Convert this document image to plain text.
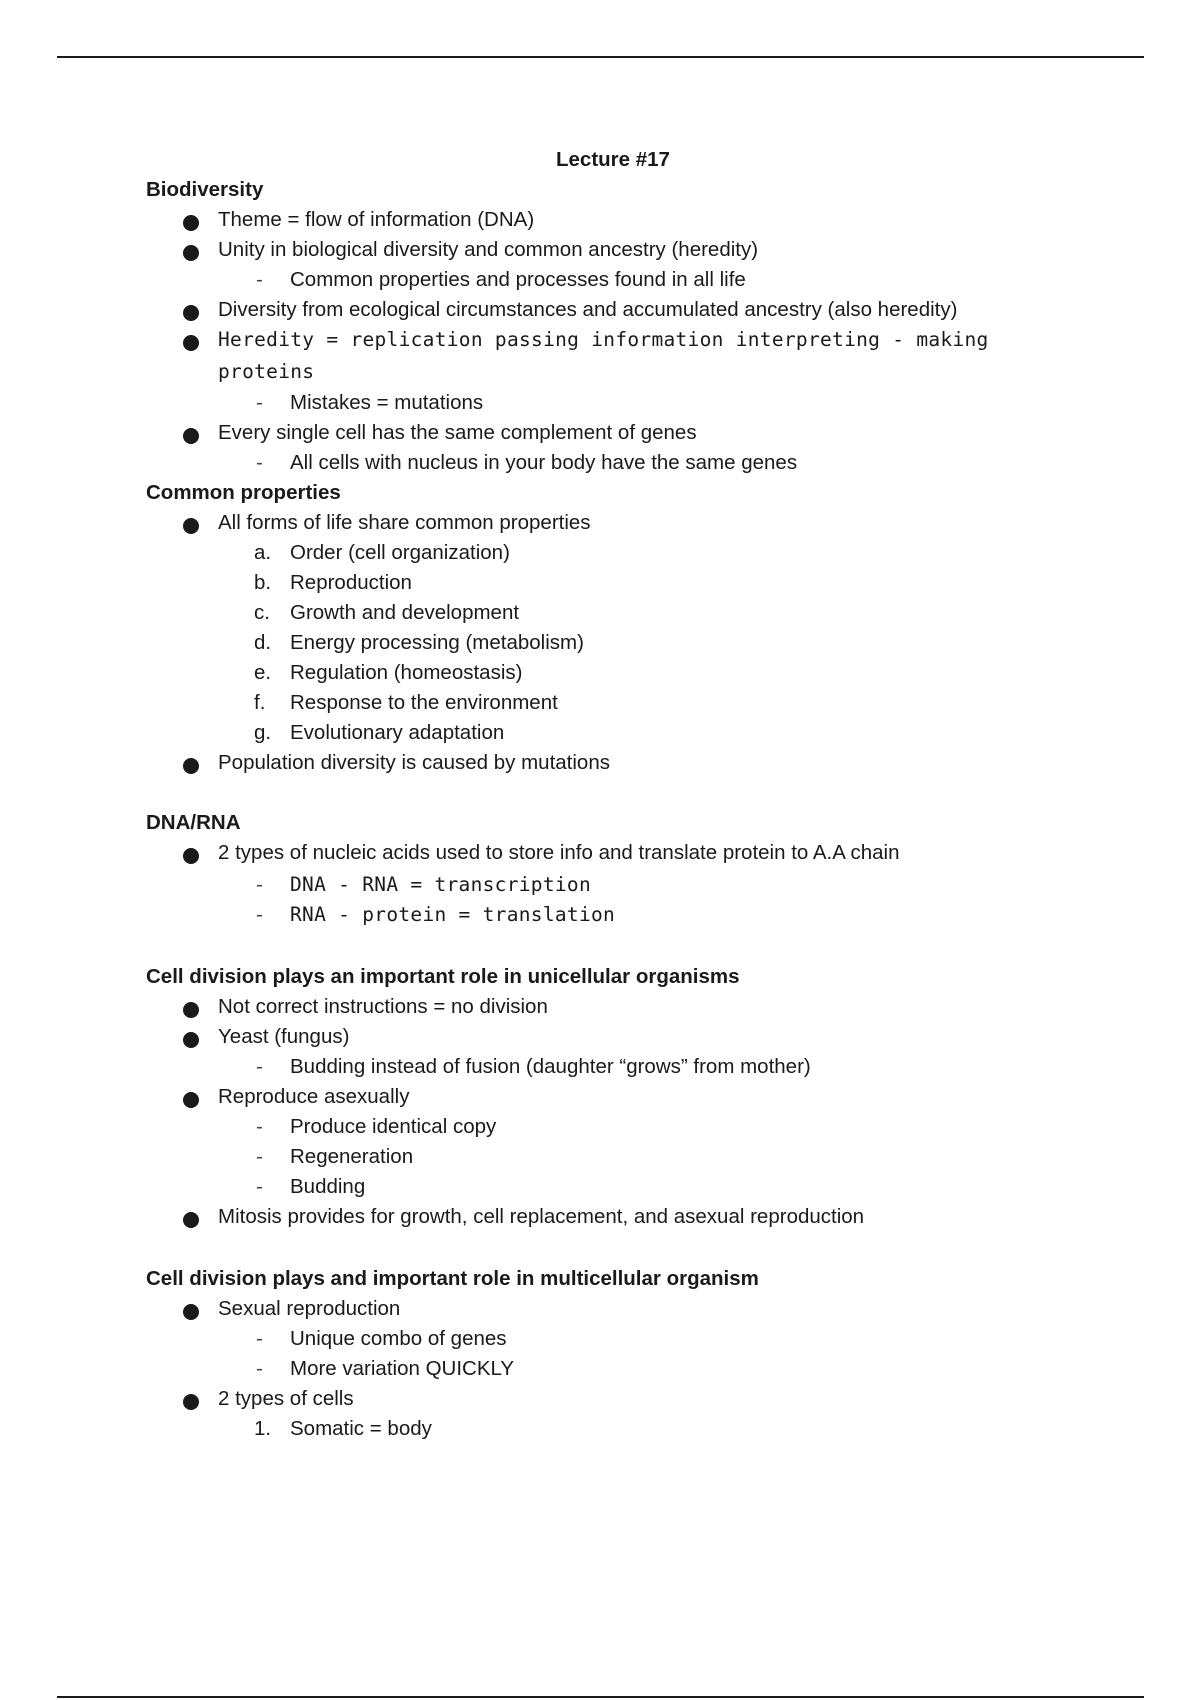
Lecture #17
Biodiversity
Theme = flow of information (DNA)
Unity in biological diversity and common ancestry (heredity)
- Common properties and processes found in all life
Diversity from ecological circumstances and accumulated ancestry (also heredity)
Heredity = replication passing information interpreting - making
proteins
- Mistakes = mutations
Every single cell has the same complement of genes
- All cells with nucleus in your body have the same genes
Common properties
All forms of life share common properties
a. Order (cell organization)
b. Reproduction
c. Growth and development
d. Energy processing (metabolism)
e. Regulation (homeostasis)
f. Response to the environment
g. Evolutionary adaptation
Population diversity is caused by mutations
DNA/RNA
2 types of nucleic acids used to store info and translate protein to A.A chain
- DNA - RNA = transcription
- RNA - protein = translation
Cell division plays an important role in unicellular organisms
Not correct instructions = no division
Yeast (fungus)
- Budding instead of fusion (daughter “grows” from mother)
Reproduce asexually
- Produce identical copy
- Regeneration
- Budding
Mitosis provides for growth, cell replacement, and asexual reproduction
Cell division plays and important role in multicellular organism
Sexual reproduction
- Unique combo of genes
- More variation QUICKLY
2 types of cells
1. Somatic = body
